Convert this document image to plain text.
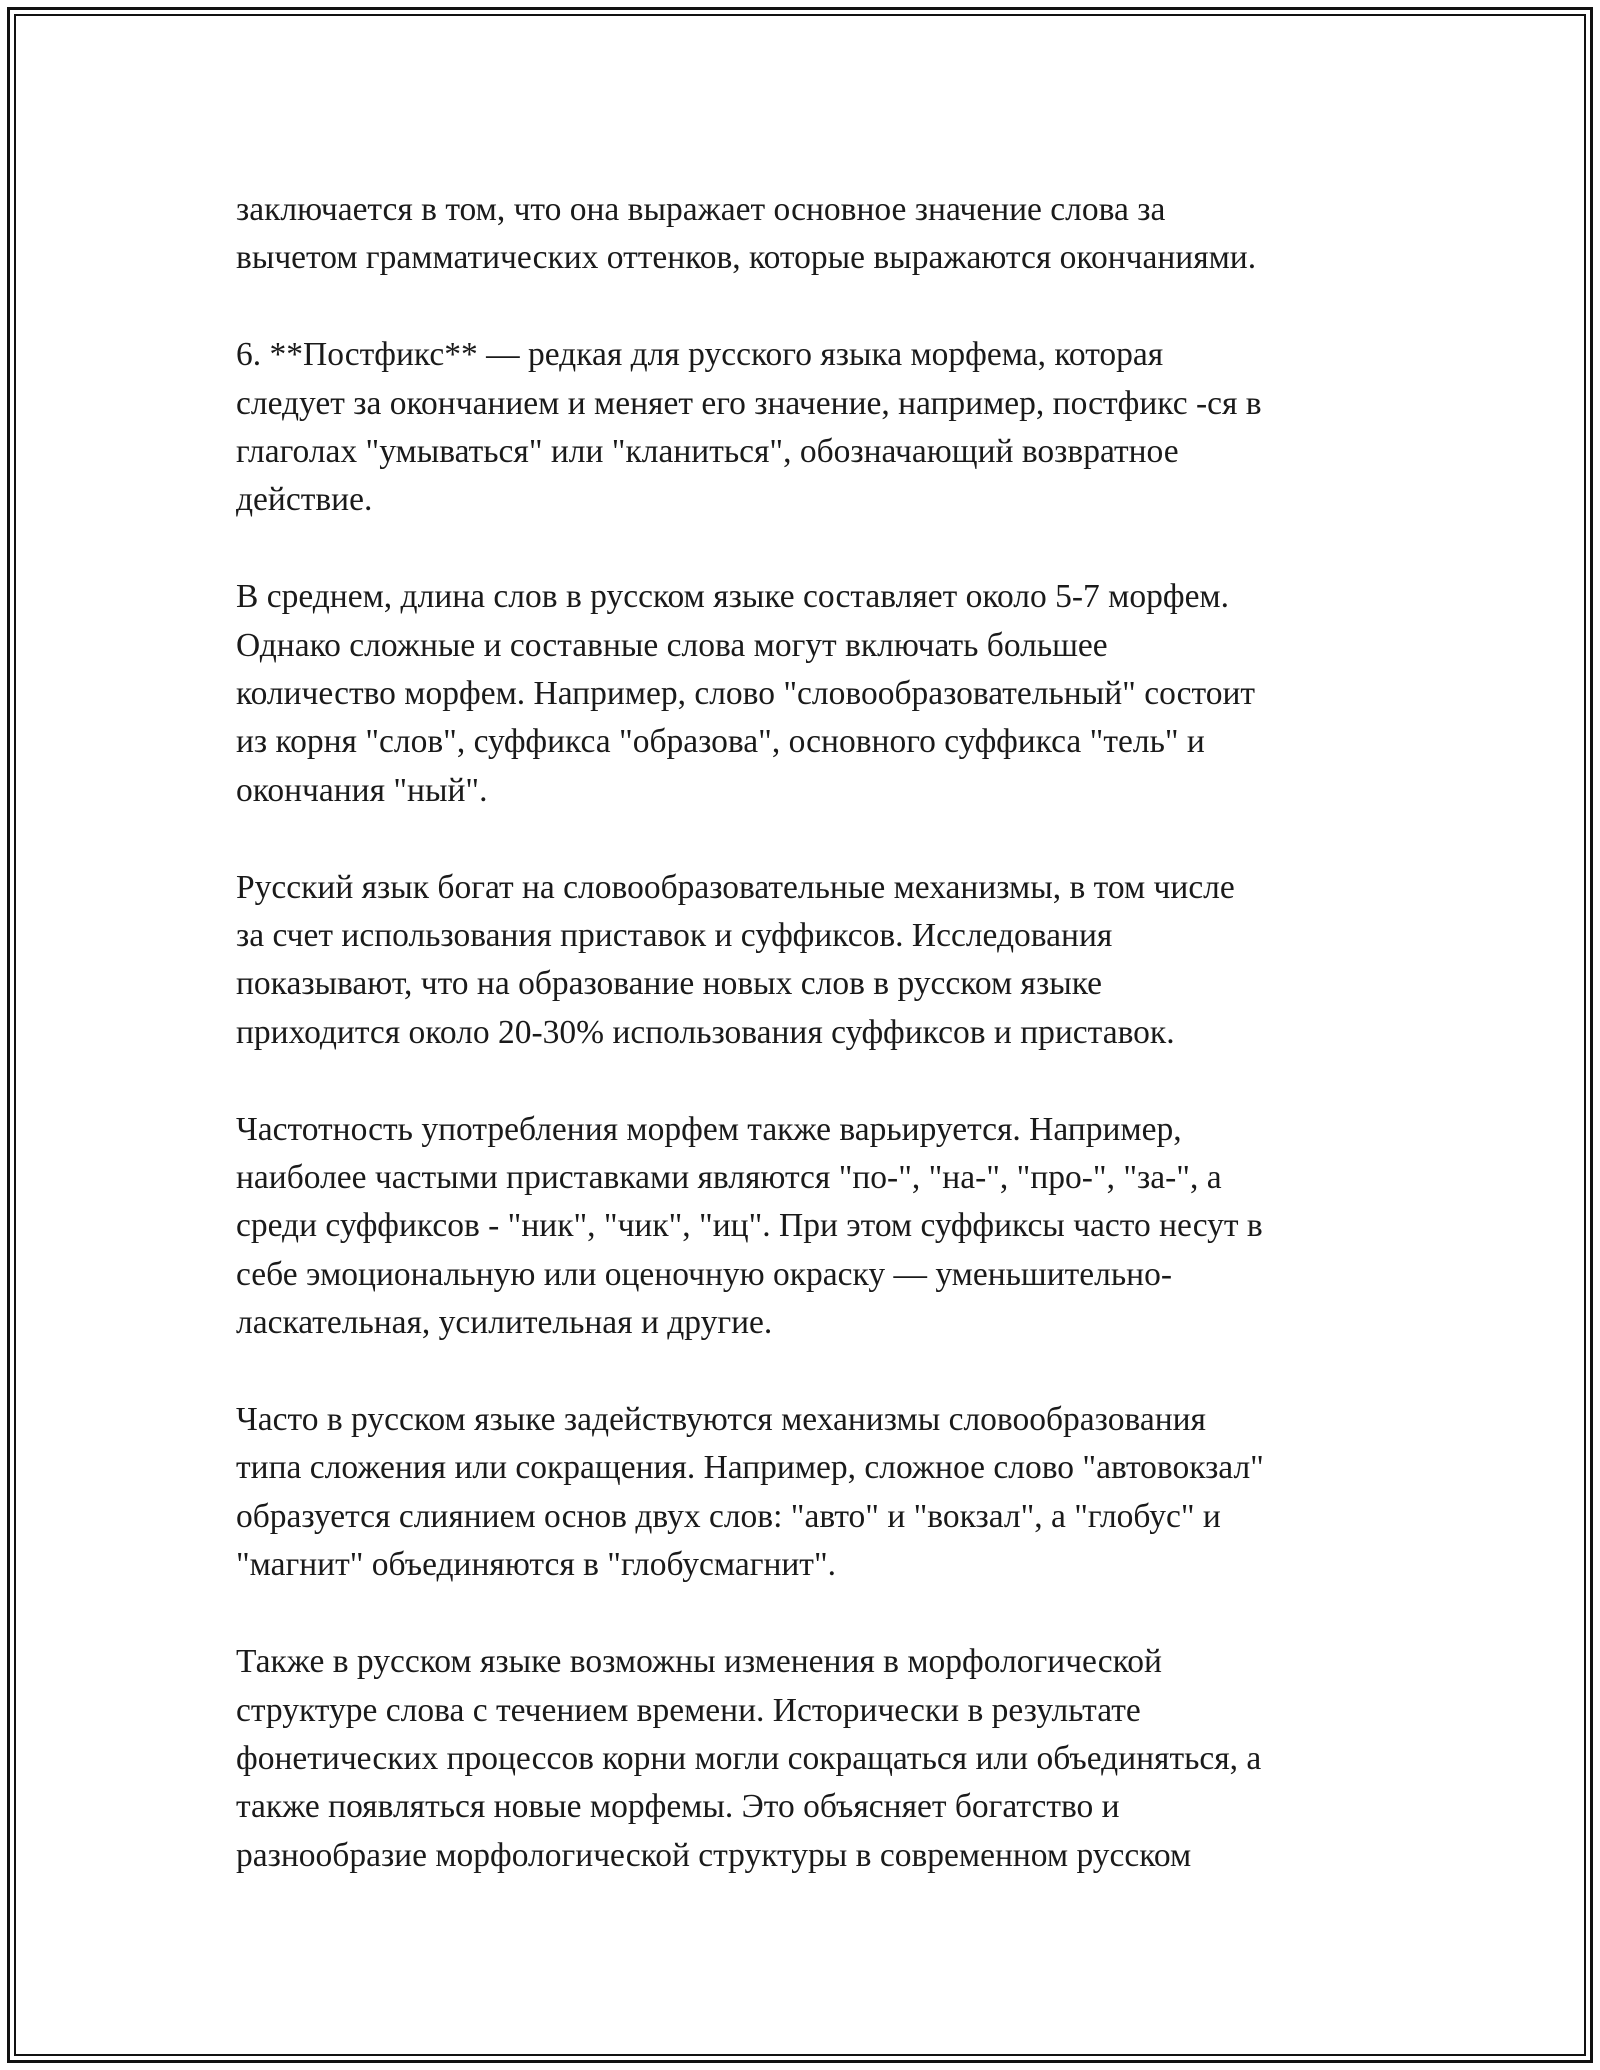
заключается в том, что она выражает основное значение слова за
вычетом грамматических оттенков, которые выражаются окончаниями.

6. **Постфикс** — редкая для русского языка морфема, которая
следует за окончанием и меняет его значение, например, постфикс -ся в
глаголах "умываться" или "кланиться", обозначающий возвратное
действие.

В среднем, длина слов в русском языке составляет около 5-7 морфем.
Однако сложные и составные слова могут включать большее
количество морфем. Например, слово "словообразовательный" состоит
из корня "слов", суффикса "образова", основного суффикса "тель" и
окончания "ный".

Русский язык богат на словообразовательные механизмы, в том числе
за счет использования приставок и суффиксов. Исследования
показывают, что на образование новых слов в русском языке
приходится около 20-30% использования суффиксов и приставок.

Частотность употребления морфем также варьируется. Например,
наиболее частыми приставками являются "по-", "на-", "про-", "за-", а
среди суффиксов - "ник", "чик", "иц". При этом суффиксы часто несут в
себе эмоциональную или оценочную окраску — уменьшительно-
ласкательная, усилительная и другие.

Часто в русском языке задействуются механизмы словообразования
типа сложения или сокращения. Например, сложное слово "автовокзал"
образуется слиянием основ двух слов: "авто" и "вокзал", а "глобус" и
"магнит" объединяются в "глобусмагнит".

Также в русском языке возможны изменения в морфологической
структуре слова с течением времени. Исторически в результате
фонетических процессов корни могли сокращаться или объединяться, а
также появляться новые морфемы. Это объясняет богатство и
разнообразие морфологической структуры в современном русском
